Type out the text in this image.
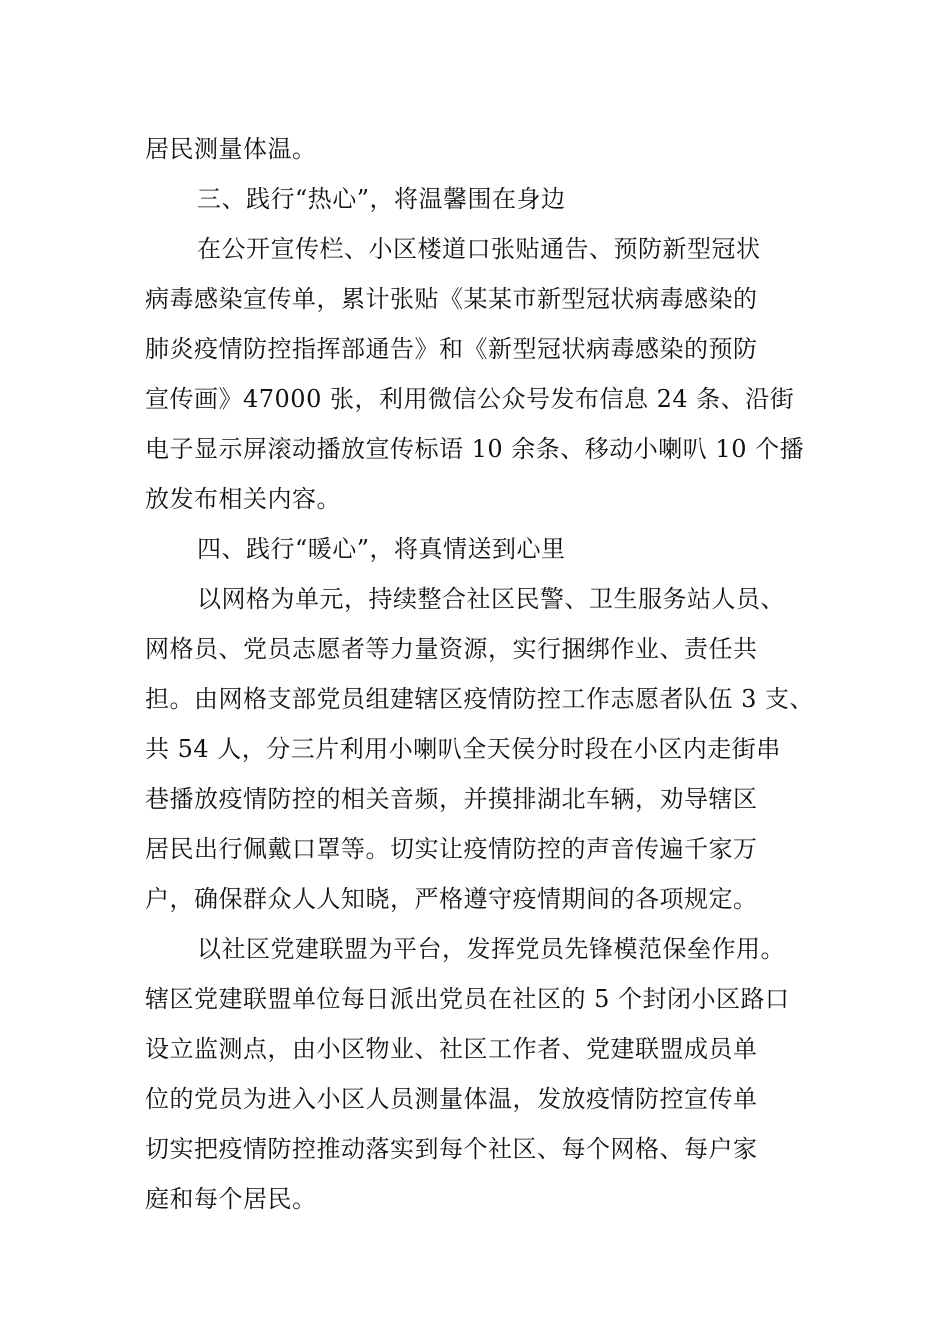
居民测量体温。
三、践行“热心”，将温馨围在身边
在公开宣传栏、小区楼道口张贴通告、预防新型冠状
病毒感染宣传单，累计张贴《某某市新型冠状病毒感染的
肺炎疫情防控指挥部通告》和《新型冠状病毒感染的预防
宣传画》47000 张，利用微信公众号发布信息 24 条、沿街
电子显示屏滚动播放宣传标语 10 余条、移动小喇叭 10 个播
放发布相关内容。
四、践行“暖心”，将真情送到心里
以网格为单元，持续整合社区民警、卫生服务站人员、
网格员、党员志愿者等力量资源，实行捆绑作业、责任共
担。由网格支部党员组建辖区疫情防控工作志愿者队伍 3 支、
共 54 人，分三片利用小喇叭全天侯分时段在小区内走街串
巷播放疫情防控的相关音频，并摸排湖北车辆，劝导辖区
居民出行佩戴口罩等。切实让疫情防控的声音传遍千家万
户，确保群众人人知晓，严格遵守疫情期间的各项规定。
以社区党建联盟为平台，发挥党员先锋模范保垒作用。
辖区党建联盟单位每日派出党员在社区的 5 个封闭小区路口
设立监测点，由小区物业、社区工作者、党建联盟成员单
位的党员为进入小区人员测量体温，发放疫情防控宣传单
切实把疫情防控推动落实到每个社区、每个网格、每户家
庭和每个居民。
